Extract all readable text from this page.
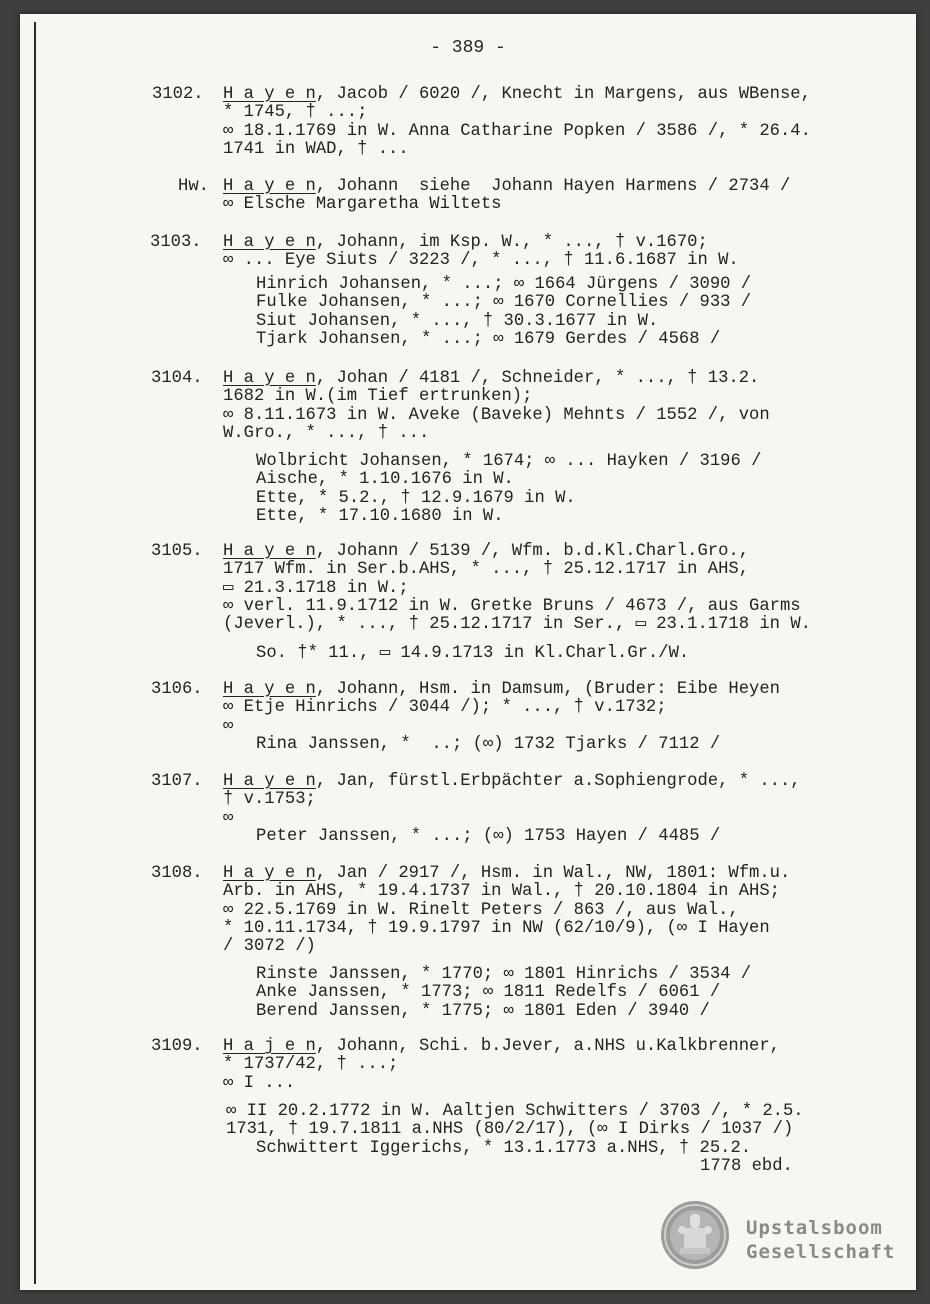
- 389 -
3102. H a y e n, Jacob / 6020 /, Knecht in Margens, aus WBense,
* 1745, † ...;
∞ 18.1.1769 in W. Anna Catharine Popken / 3586 /, * 26.4.
1741 in WAD, † ...
Hw. H a y e n, Johann  siehe  Johann Hayen Harmens / 2734 /
∞ Elsche Margaretha Wiltets
3103. H a y e n, Johann, im Ksp. W., * ..., † v.1670;
∞ ... Eye Siuts / 3223 /, * ..., † 11.6.1687 in W.
Hinrich Johansen, * ...; ∞ 1664 Jürgens / 3090 /
Fulke Johansen, * ...; ∞ 1670 Cornellies / 933 /
Siut Johansen, * ..., † 30.3.1677 in W.
Tjark Johansen, * ...; ∞ 1679 Gerdes / 4568 /
3104. H a y e n, Johan / 4181 /, Schneider, * ..., † 13.2.
1682 in W.(im Tief ertrunken);
∞ 8.11.1673 in W. Aveke (Baveke) Mehnts / 1552 /, von
W.Gro., * ..., † ...
Wolbricht Johansen, * 1674; ∞ ... Hayken / 3196 /
Aische, * 1.10.1676 in W.
Ette, * 5.2., † 12.9.1679 in W.
Ette, * 17.10.1680 in W.
3105. H a y e n, Johann / 5139 /, Wfm. b.d.Kl.Charl.Gro.,
1717 Wfm. in Ser.b.AHS, * ..., † 25.12.1717 in AHS,
▭ 21.3.1718 in W.;
∞ verl. 11.9.1712 in W. Gretke Bruns / 4673 /, aus Garms
(Jeverl.), * ..., † 25.12.1717 in Ser., ▭ 23.1.1718 in W.
So. †* 11., ▭ 14.9.1713 in Kl.Charl.Gr./W.
3106. H a y e n, Johann, Hsm. in Damsum, (Bruder: Eibe Heyen
∞ Etje Hinrichs / 3044 /); * ..., † v.1732;
∞
Rina Janssen, *  ..; (∞) 1732 Tjarks / 7112 /
3107. H a y e n, Jan, fürstl.Erbpächter a.Sophiengrode, * ...,
† v.1753;
∞
Peter Janssen, * ...; (∞) 1753 Hayen / 4485 /
3108. H a y e n, Jan / 2917 /, Hsm. in Wal., NW, 1801: Wfm.u.
Arb. in AHS, * 19.4.1737 in Wal., † 20.10.1804 in AHS;
∞ 22.5.1769 in W. Rinelt Peters / 863 /, aus Wal.,
* 10.11.1734, † 19.9.1797 in NW (62/10/9), (∞ I Hayen
/ 3072 /)
Rinste Janssen, * 1770; ∞ 1801 Hinrichs / 3534 /
Anke Janssen, * 1773; ∞ 1811 Redelfs / 6061 /
Berend Janssen, * 1775; ∞ 1801 Eden / 3940 /
3109. H a j e n, Johann, Schi. b.Jever, a.NHS u.Kalkbrenner,
* 1737/42, † ...;
∞ I ...
∞ II 20.2.1772 in W. Aaltjen Schwitters / 3703 /, * 2.5.
1731, † 19.7.1811 a.NHS (80/2/17), (∞ I Dirks / 1037 /)
Schwittert Iggerichs, * 13.1.1773 a.NHS, † 25.2.
1778 ebd.
Upstalsboom
Gesellschaft
